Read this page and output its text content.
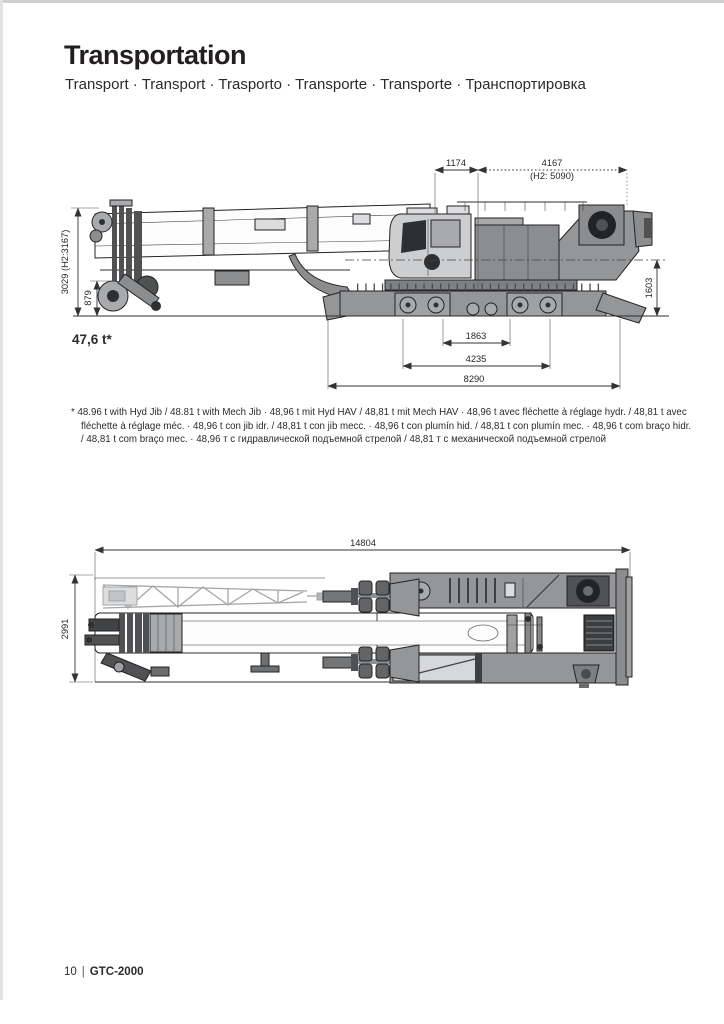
Transportation
Transport · Transport · Trasporto · Transporte · Transporte · Транспортировка
1174	4167
(H2: 5090)
3029 (H2:3167)
879	1603
1863
4235
8290
47,6 t*
* 48.96 t with Hyd Jib / 48.81 t with Mech Jib · 48,96 t mit Hyd HAV / 48,81 t mit Mech HAV · 48,96 t avec fléchette à réglage hydr. / 48,81 t avec fléchette à réglage méc. · 48,96 t con jib idr. / 48,81 t con jib mecc. · 48,96 t con plumín hid. / 48,81 t con plumín mec. · 48,96 t com braço hidr. / 48,81 t com braço mec. · 48,96 т с гидравлической подъемной стрелой / 48,81 т с механической подъемной стрелой
14804
2991
10 | GTC-2000
